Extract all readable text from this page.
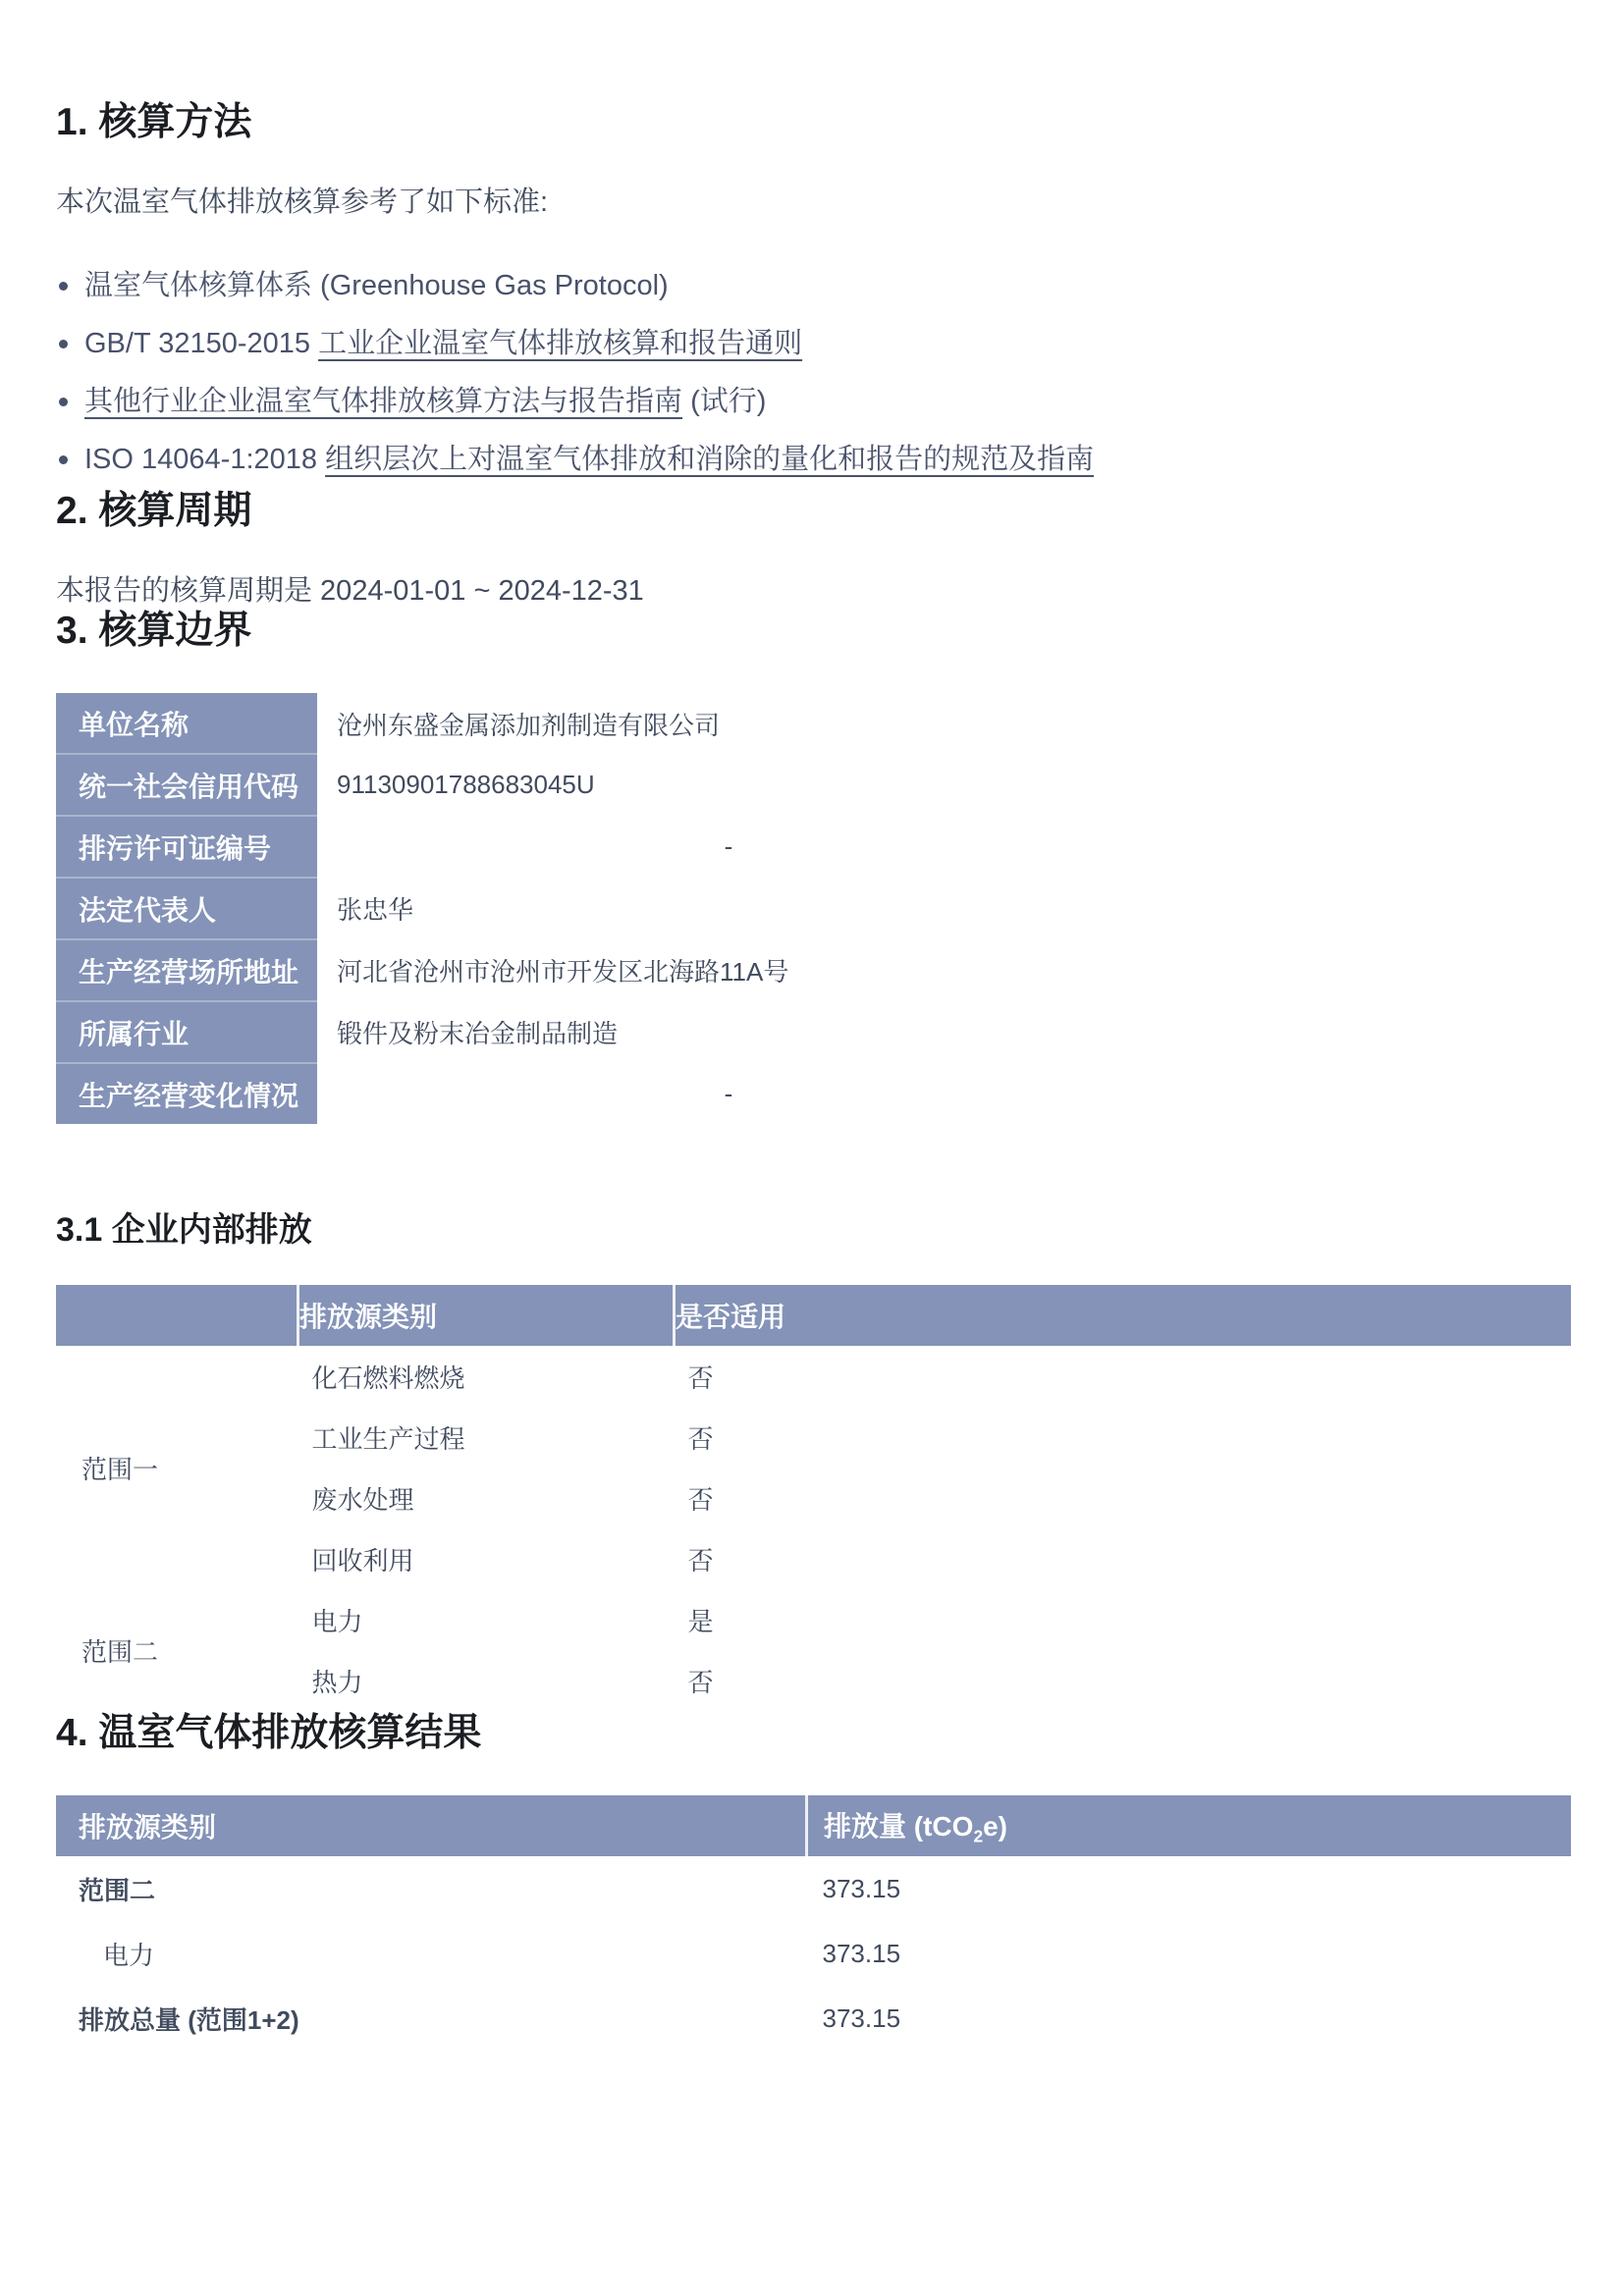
1. 核算方法

本次温室气体排放核算参考了如下标准:

温室气体核算体系 (Greenhouse Gas Protocol)
GB/T 32150-2015 工业企业温室气体排放核算和报告通则
其他行业企业温室气体排放核算方法与报告指南 (试行)
ISO 14064-1:2018 组织层次上对温室气体排放和消除的量化和报告的规范及指南
2. 核算周期

本报告的核算周期是 2024-01-01 ~ 2024-12-31

3. 核算边界
单位名称	沧州东盛金属添加剂制造有限公司
统一社会信用代码	91130901788683045U
排污许可证编号	-
法定代表人	张忠华
生产经营场所地址	河北省沧州市沧州市开发区北海路11A号
所属行业	锻件及粉末冶金制品制造
生产经营变化情况	-
3.1 企业内部排放
	排放源类别	是否适用
范围一	化石燃料燃烧	否
	工业生产过程	否
	废水处理	否
	回收利用	否
范围二	电力	是
	热力	否
4. 温室气体排放核算结果
排放源类别	排放量 (tCO$_2$e)
范围二	373.15
电力	373.15
排放总量 (范围1+2)	373.15
